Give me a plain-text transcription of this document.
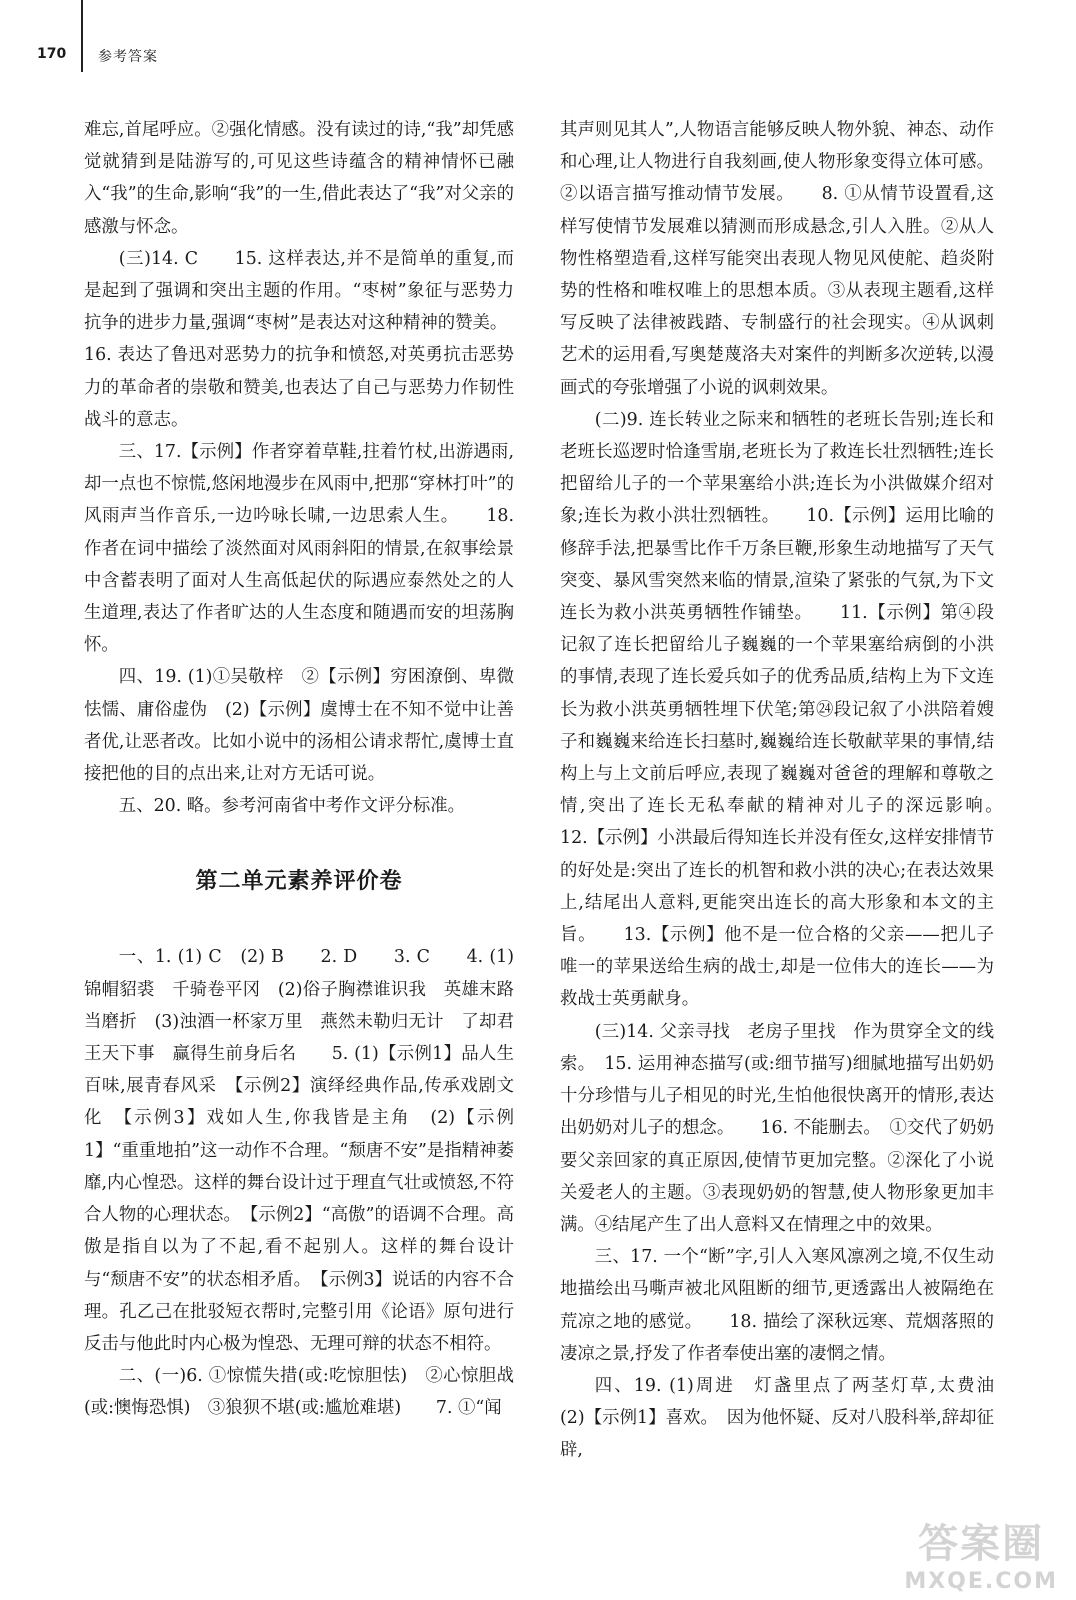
170 参考答案

难忘,首尾呼应。②强化情感。没有读过的诗,“我”却凭感觉就猜到是陆游写的,可见这些诗蕴含的精神情怀已融入“我”的生命,影响“我”的一生,借此表达了“我”对父亲的感激与怀念。

(三)14. C　　15. 这样表达,并不是简单的重复,而是起到了强调和突出主题的作用。“枣树”象征与恶势力抗争的进步力量,强调“枣树”是表达对这种精神的赞美。

16. 表达了鲁迅对恶势力的抗争和愤怒,对英勇抗击恶势力的革命者的崇敬和赞美,也表达了自己与恶势力作韧性战斗的意志。

三、17.【示例】作者穿着草鞋,拄着竹杖,出游遇雨,却一点也不惊慌,悠闲地漫步在风雨中,把那“穿林打叶”的风雨声当作音乐,一边吟咏长啸,一边思索人生。　　18. 作者在词中描绘了淡然面对风雨斜阳的情景,在叙事绘景中含蓄表明了面对人生高低起伏的际遇应泰然处之的人生道理,表达了作者旷达的人生态度和随遇而安的坦荡胸怀。

四、19. (1)①吴敬梓　②【示例】穷困潦倒、卑微怯懦、庸俗虚伪　(2)【示例】虞博士在不知不觉中让善者优,让恶者改。比如小说中的汤相公请求帮忙,虞博士直接把他的目的点出来,让对方无话可说。

五、20. 略。参考河南省中考作文评分标准。

第二单元素养评价卷

一、1. (1) C　(2) B　　2. D　　3. C　　4. (1)锦帽貂裘　千骑卷平冈　(2)俗子胸襟谁识我　英雄末路当磨折　(3)浊酒一杯家万里　燕然未勒归无计　了却君王天下事　赢得生前身后名　　5. (1)【示例1】品人生百味,展青春风采　【示例2】演绎经典作品,传承戏剧文化　【示例3】戏如人生,你我皆是主角　(2)【示例1】“重重地拍”这一动作不合理。“颓唐不安”是指精神萎靡,内心惶恐。这样的舞台设计过于理直气壮或愤怒,不符合人物的心理状态。　【示例2】“高傲”的语调不合理。高傲是指自以为了不起,看不起别人。这样的舞台设计与“颓唐不安”的状态相矛盾。　【示例3】说话的内容不合理。孔乙己在批驳短衣帮时,完整引用《论语》原句进行反击与他此时内心极为惶恐、无理可辩的状态不相符。

二、(一)6. ①惊慌失措(或:吃惊胆怯)　②心惊胆战(或:懊悔恐惧)　③狼狈不堪(或:尴尬难堪)　　7. ①“闻

其声则见其人”,人物语言能够反映人物外貌、神态、动作和心理,让人物进行自我刻画,使人物形象变得立体可感。②以语言描写推动情节发展。　　8. ①从情节设置看,这样写使情节发展难以猜测而形成悬念,引人入胜。②从人物性格塑造看,这样写能突出表现人物见风使舵、趋炎附势的性格和唯权唯上的思想本质。③从表现主题看,这样写反映了法律被践踏、专制盛行的社会现实。④从讽刺艺术的运用看,写奥楚蔑洛夫对案件的判断多次逆转,以漫画式的夸张增强了小说的讽刺效果。

(二)9. 连长转业之际来和牺牲的老班长告别;连长和老班长巡逻时恰逢雪崩,老班长为了救连长壮烈牺牲;连长把留给儿子的一个苹果塞给小洪;连长为小洪做媒介绍对象;连长为救小洪壮烈牺牲。　　10.【示例】运用比喻的修辞手法,把暴雪比作千万条巨鞭,形象生动地描写了天气突变、暴风雪突然来临的情景,渲染了紧张的气氛,为下文连长为救小洪英勇牺牲作铺垫。　　11.【示例】第④段记叙了连长把留给儿子巍巍的一个苹果塞给病倒的小洪的事情,表现了连长爱兵如子的优秀品质,结构上为下文连长为救小洪英勇牺牲埋下伏笔;第㉔段记叙了小洪陪着嫂子和巍巍来给连长扫墓时,巍巍给连长敬献苹果的事情,结构上与上文前后呼应,表现了巍巍对爸爸的理解和尊敬之情,突出了连长无私奉献的精神对儿子的深远影响。　　12.【示例】小洪最后得知连长并没有侄女,这样安排情节的好处是:突出了连长的机智和救小洪的决心;在表达效果上,结尾出人意料,更能突出连长的高大形象和本文的主旨。　　13.【示例】他不是一位合格的父亲——把儿子唯一的苹果送给生病的战士,却是一位伟大的连长——为救战士英勇献身。

(三)14. 父亲寻找　老房子里找　作为贯穿全文的线索。　15. 运用神态描写(或:细节描写)细腻地描写出奶奶十分珍惜与儿子相见的时光,生怕他很快离开的情形,表达出奶奶对儿子的想念。　　16. 不能删去。　①交代了奶奶要父亲回家的真正原因,使情节更加完整。②深化了小说关爱老人的主题。③表现奶奶的智慧,使人物形象更加丰满。④结尾产生了出人意料又在情理之中的效果。

三、17. 一个“断”字,引人入寒风凛冽之境,不仅生动地描绘出马嘶声被北风阻断的细节,更透露出人被隔绝在荒凉之地的感觉。　　18. 描绘了深秋远寒、荒烟落照的凄凉之景,抒发了作者奉使出塞的凄惘之情。

四、19. (1)周进　灯盏里点了两茎灯草,太费油　(2)【示例1】喜欢。　因为他怀疑、反对八股科举,辞却征辟,

答案圈
MXQE.COM
